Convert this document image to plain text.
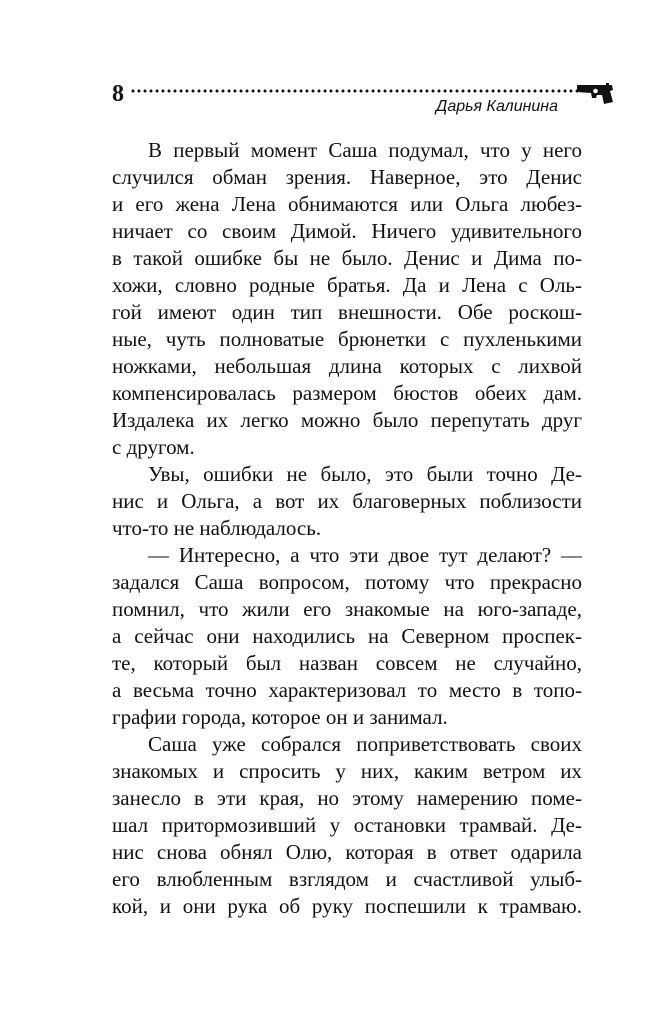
8	Дарья Калинина
В первый момент Саша подумал, что у него
случился обман зрения. Наверное, это Денис
и его жена Лена обнимаются или Ольга любез-
ничает со своим Димой. Ничего удивительного
в такой ошибке бы не было. Денис и Дима по-
хожи, словно родные братья. Да и Лена с Оль-
гой имеют один тип внешности. Обе роскош-
ные, чуть полноватые брюнетки с пухленькими
ножками, небольшая длина которых с лихвой
компенсировалась размером бюстов обеих дам.
Издалека их легко можно было перепутать друг
с другом.
Увы, ошибки не было, это были точно Де-
нис и Ольга, а вот их благоверных поблизости
что-то не наблюдалось.
— Интересно, а что эти двое тут делают? —
задался Саша вопросом, потому что прекрасно
помнил, что жили его знакомые на юго-западе,
а сейчас они находились на Северном проспек-
те, который был назван совсем не случайно,
а весьма точно характеризовал то место в топо-
графии города, которое он и занимал.
Саша уже собрался поприветствовать своих
знакомых и спросить у них, каким ветром их
занесло в эти края, но этому намерению поме-
шал притормозивший у остановки трамвай. Де-
нис снова обнял Олю, которая в ответ одарила
его влюбленным взглядом и счастливой улыб-
кой, и они рука об руку поспешили к трамваю.
